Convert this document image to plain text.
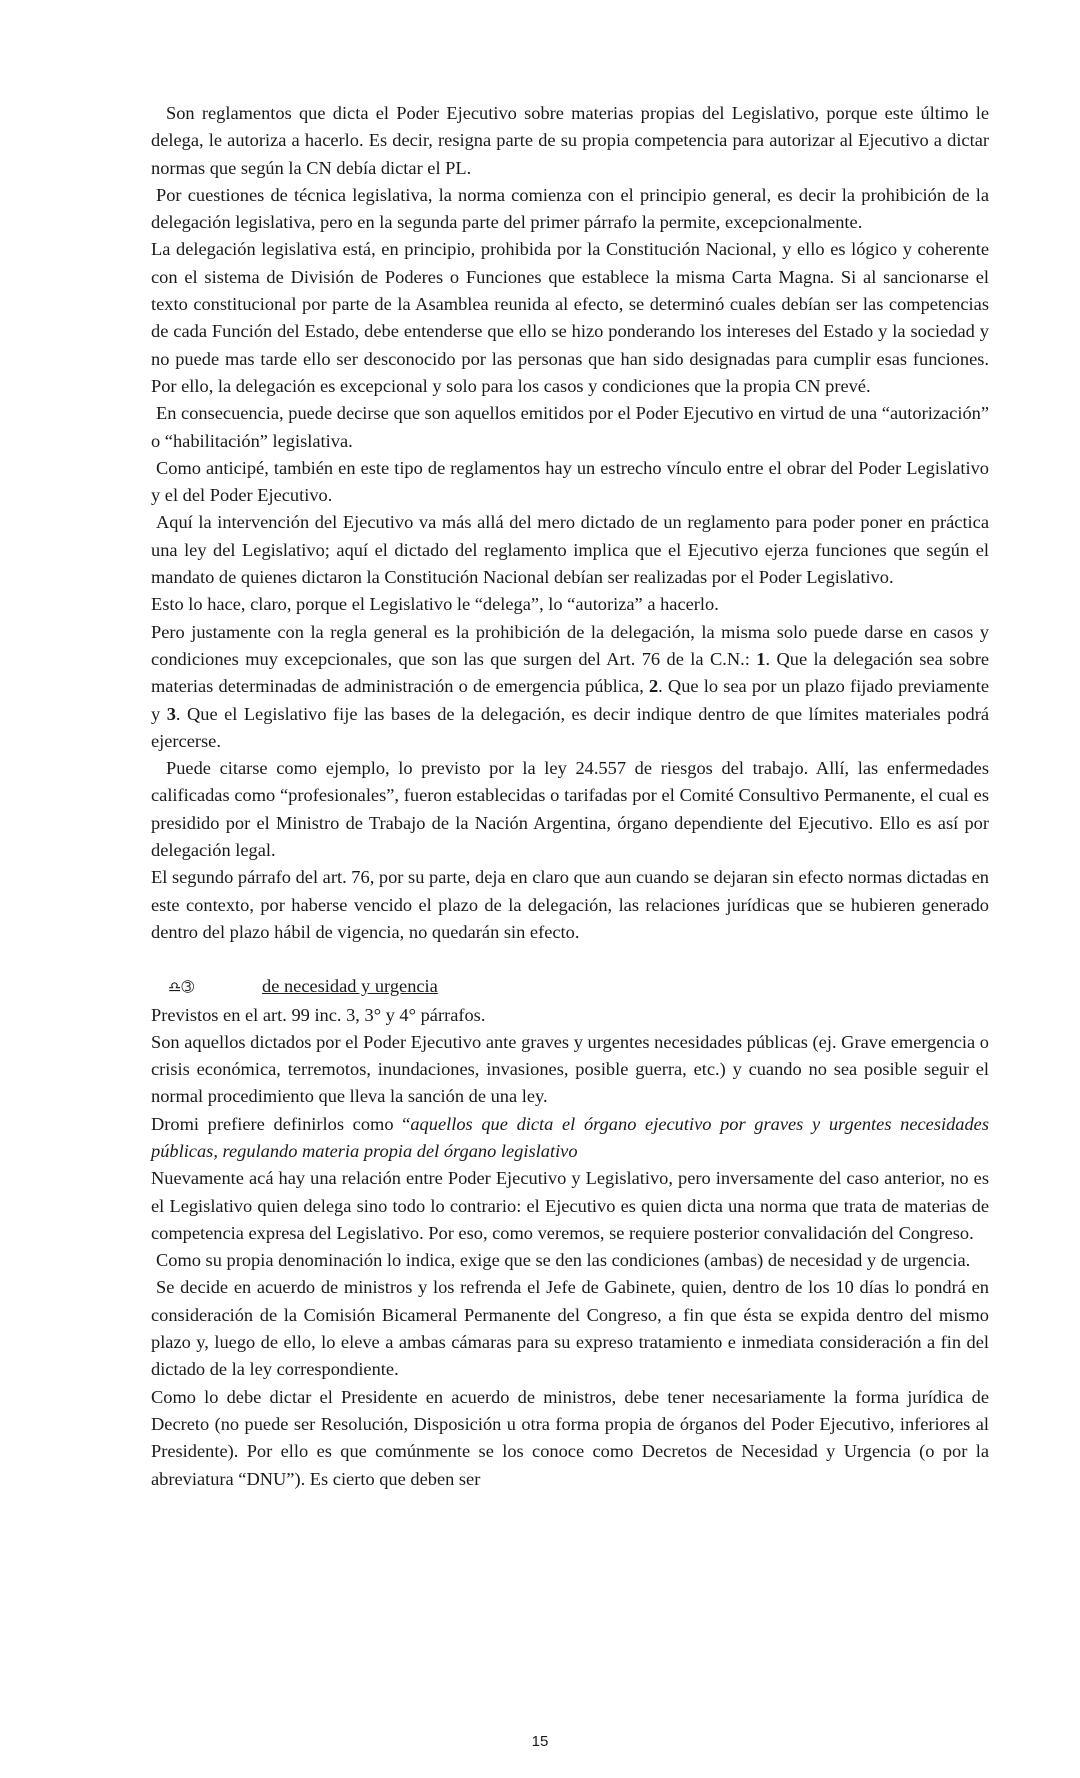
Son reglamentos que dicta el Poder Ejecutivo sobre materias propias del Legislativo, porque este último le delega, le autoriza a hacerlo. Es decir, resigna parte de su propia competencia para autorizar al Ejecutivo a dictar normas que según la CN debía dictar el PL.

Por cuestiones de técnica legislativa, la norma comienza con el principio general, es decir la prohibición de la delegación legislativa, pero en la segunda parte del primer párrafo la permite, excepcionalmente.

La delegación legislativa está, en principio, prohibida por la Constitución Nacional, y ello es lógico y coherente con el sistema de División de Poderes o Funciones que establece la misma Carta Magna. Si al sancionarse el texto constitucional por parte de la Asamblea reunida al efecto, se determinó cuales debían ser las competencias de cada Función del Estado, debe entenderse que ello se hizo ponderando los intereses del Estado y la sociedad y no puede mas tarde ello ser desconocido por las personas que han sido designadas para cumplir esas funciones. Por ello, la delegación es excepcional y solo para los casos y condiciones que la propia CN prevé.

En consecuencia, puede decirse que son aquellos emitidos por el Poder Ejecutivo en virtud de una “autorización” o “habilitación” legislativa.

Como anticipé, también en este tipo de reglamentos hay un estrecho vínculo entre el obrar del Poder Legislativo y el del Poder Ejecutivo.

Aquí la intervención del Ejecutivo va más allá del mero dictado de un reglamento para poder poner en práctica una ley del Legislativo; aquí el dictado del reglamento implica que el Ejecutivo ejerza funciones que según el mandato de quienes dictaron la Constitución Nacional debían ser realizadas por el Poder Legislativo.

Esto lo hace, claro, porque el Legislativo le “delega”, lo “autoriza” a hacerlo.

Pero justamente con la regla general es la prohibición de la delegación, la misma solo puede darse en casos y condiciones muy excepcionales, que son las que surgen del Art. 76 de la C.N.: 1. Que la delegación sea sobre materias determinadas de administración o de emergencia pública, 2. Que lo sea por un plazo fijado previamente y 3. Que el Legislativo fije las bases de la delegación, es decir indique dentro de que límites materiales podrá ejercerse.

Puede citarse como ejemplo, lo previsto por la ley 24.557 de riesgos del trabajo. Allí, las enfermedades calificadas como “profesionales”, fueron establecidas o tarifadas por el Comité Consultivo Permanente, el cual es presidido por el Ministro de Trabajo de la Nación Argentina, órgano dependiente del Ejecutivo. Ello es así por delegación legal.

El segundo párrafo del art. 76, por su parte, deja en claro que aun cuando se dejaran sin efecto normas dictadas en este contexto, por haberse vencido el plazo de la delegación, las relaciones jurídicas que se hubieren generado dentro del plazo hábil de vigencia, no quedarán sin efecto.

♎➂	de necesidad y urgencia

Previstos en el art. 99 inc. 3, 3° y 4° párrafos.

Son aquellos dictados por el Poder Ejecutivo ante graves y urgentes necesidades públicas (ej. Grave emergencia o crisis económica, terremotos, inundaciones, invasiones, posible guerra, etc.) y cuando no sea posible seguir el normal procedimiento que lleva la sanción de una ley.

Dromi prefiere definirlos como “aquellos que dicta el órgano ejecutivo por graves y urgentes necesidades públicas, regulando materia propia del órgano legislativo

Nuevamente acá hay una relación entre Poder Ejecutivo y Legislativo, pero inversamente del caso anterior, no es el Legislativo quien delega sino todo lo contrario: el Ejecutivo es quien dicta una norma que trata de materias de competencia expresa del Legislativo. Por eso, como veremos, se requiere posterior convalidación del Congreso.

Como su propia denominación lo indica, exige que se den las condiciones (ambas) de necesidad y de urgencia.

Se decide en acuerdo de ministros y los refrenda el Jefe de Gabinete, quien, dentro de los 10 días lo pondrá en consideración de la Comisión Bicameral Permanente del Congreso, a fin que ésta se expida dentro del mismo plazo y, luego de ello, lo eleve a ambas cámaras para su expreso tratamiento e inmediata consideración a fin del dictado de la ley correspondiente.

Como lo debe dictar el Presidente en acuerdo de ministros, debe tener necesariamente la forma jurídica de Decreto (no puede ser Resolución, Disposición u otra forma propia de órganos del Poder Ejecutivo, inferiores al Presidente). Por ello es que comúnmente se los conoce como Decretos de Necesidad y Urgencia (o por la abreviatura “DNU”). Es cierto que deben ser

15
